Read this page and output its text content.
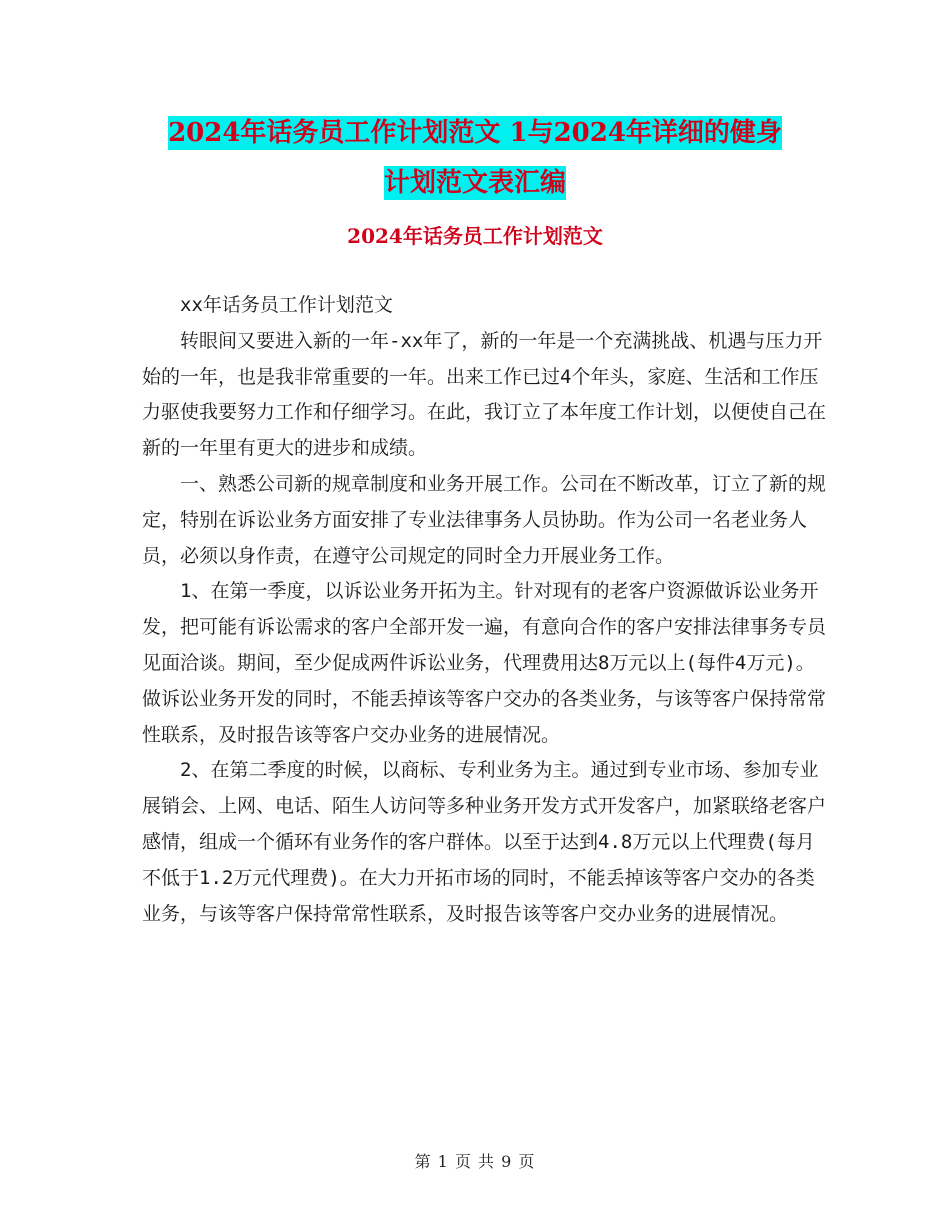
2024年话务员工作计划范文 1与2024年详细的健身
计划范文表汇编
2024年话务员工作计划范文

xx年话务员工作计划范文

转眼间又要进入新的一年-xx年了，新的一年是一个充满挑战、机遇与压力开始的一年，也是我非常重要的一年。出来工作已过4个年头，家庭、生活和工作压力驱使我要努力工作和仔细学习。在此，我订立了本年度工作计划，以便使自己在新的一年里有更大的进步和成绩。

一、熟悉公司新的规章制度和业务开展工作。公司在不断改革，订立了新的规定，特别在诉讼业务方面安排了专业法律事务人员协助。作为公司一名老业务人员，必须以身作责，在遵守公司规定的同时全力开展业务工作。

1、在第一季度，以诉讼业务开拓为主。针对现有的老客户资源做诉讼业务开发，把可能有诉讼需求的客户全部开发一遍，有意向合作的客户安排法律事务专员见面洽谈。期间，至少促成两件诉讼业务，代理费用达8万元以上(每件4万元)。做诉讼业务开发的同时，不能丢掉该等客户交办的各类业务，与该等客户保持常常性联系，及时报告该等客户交办业务的进展情况。

2、在第二季度的时候，以商标、专利业务为主。通过到专业市场、参加专业展销会、上网、电话、陌生人访问等多种业务开发方式开发客户，加紧联络老客户感情，组成一个循环有业务作的客户群体。以至于达到4.8万元以上代理费(每月不低于1.2万元代理费)。在大力开拓市场的同时，不能丢掉该等客户交办的各类业务，与该等客户保持常常性联系，及时报告该等客户交办业务的进展情况。

第 1 页 共 9 页
